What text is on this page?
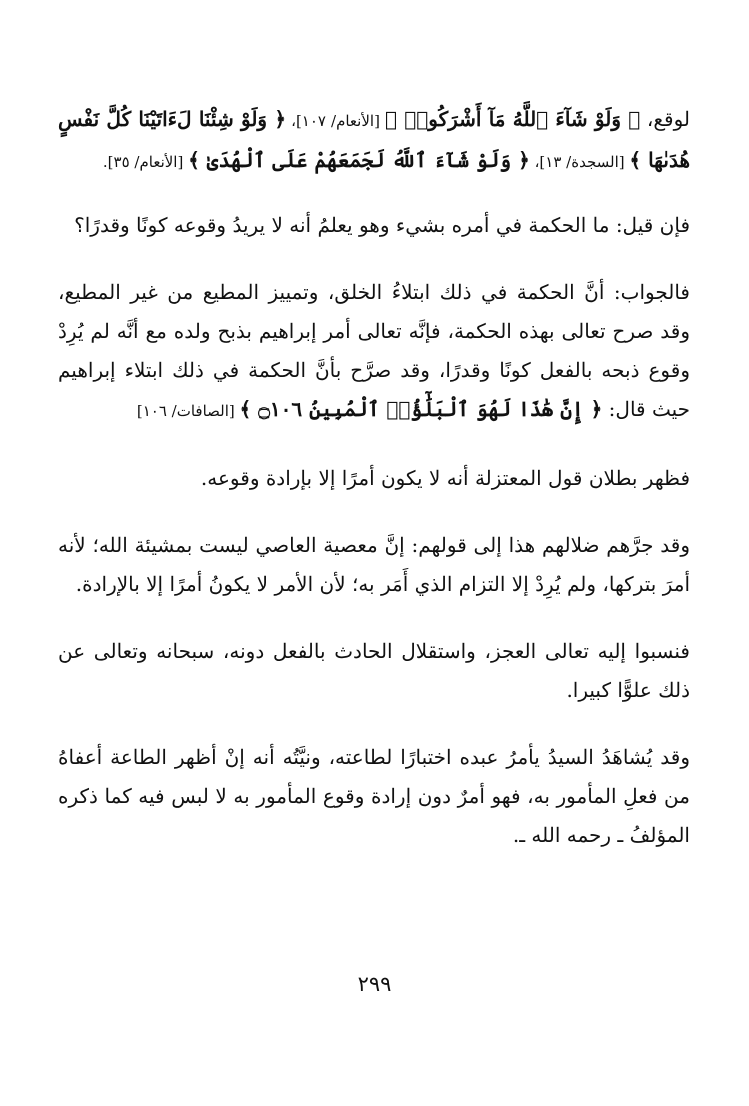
لوقع، ﴿ وَلَوْ شَآءَ ٱللَّهُ مَآ أَشْرَكُوا۟ ﴾ [الأنعام/ ١٠٧]، ﴿ وَلَوْ شِئْنَا لَءَاتَيْنَا كُلَّ نَفْسٍ هُدَىٰهَا ﴾ [السجدة/ ١٣]، ﴿ وَلَوْ شَآءَ ٱللَّهُ لَجَمَعَهُمْ عَلَى ٱلْهُدَىٰ ﴾ [الأنعام/ ٣٥].

فإن قيل: ما الحكمة في أمره بشيء وهو يعلمُ أنه لا يريدُ وقوعه كونًا وقدرًا؟

فالجواب: أنَّ الحكمة في ذلك ابتلاءُ الخلق، وتمييز المطيع من غير المطيع، وقد صرح تعالى بهذه الحكمة، فإنَّه تعالى أمر إبراهيم بذبح ولده مع أنَّه لم يُرِدْ وقوع ذبحه بالفعل كونًا وقدرًا، وقد صرَّح بأنَّ الحكمة في ذلك ابتلاء إبراهيم حيث قال: ﴿ إِنَّ هَٰذَا لَهُوَ ٱلْبَلَٰٓؤُا۟ ٱلْمُبِينُ ۝١٠٦ ﴾ [الصافات/ ١٠٦]

فظهر بطلان قول المعتزلة أنه لا يكون أمرًا إلا بإرادة وقوعه.

وقد جرَّهم ضلالهم هذا إلى قولهم: إنَّ معصية العاصي ليست بمشيئة الله؛ لأنه أمرَ بتركها، ولم يُرِدْ إلا التزام الذي أَمَر به؛ لأن الأمر لا يكونُ أمرًا إلا بالإرادة.

فنسبوا إليه تعالى العجز، واستقلال الحادث بالفعل دونه، سبحانه وتعالى عن ذلك علوًّا كبيرا.

وقد يُشاهَدُ السيدُ يأمرُ عبده اختبارًا لطاعته، ونيَّتُه أنه إنْ أظهر الطاعة أعفاهُ من فعلِ المأمور به، فهو أمرٌ دون إرادة وقوع المأمور به لا لبس فيه كما ذكره المؤلفُ ـ رحمه الله ـ.

٢٩٩
